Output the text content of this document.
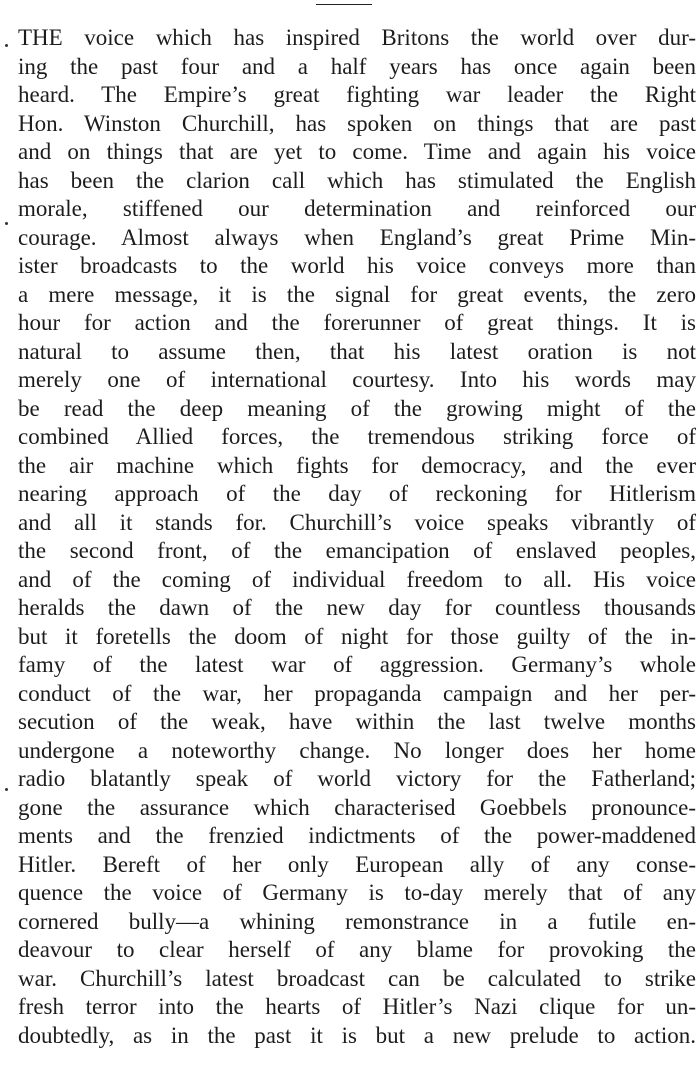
THE voice which has inspired Britons the world over dur-
ing the past four and a half years has once again been
heard. The Empire’s great fighting war leader the Right
Hon. Winston Churchill, has spoken on things that are past
and on things that are yet to come. Time and again his voice
has been the clarion call which has stimulated the English
morale, stiffened our determination and reinforced our
courage. Almost always when England’s great Prime Min-
ister broadcasts to the world his voice conveys more than
a mere message, it is the signal for great events, the zero
hour for action and the forerunner of great things. It is
natural to assume then, that his latest oration is not
merely one of international courtesy. Into his words may
be read the deep meaning of the growing might of the
combined Allied forces, the tremendous striking force of
the air machine which fights for democracy, and the ever
nearing approach of the day of reckoning for Hitlerism
and all it stands for. Churchill’s voice speaks vibrantly of
the second front, of the emancipation of enslaved peoples,
and of the coming of individual freedom to all. His voice
heralds the dawn of the new day for countless thousands
but it foretells the doom of night for those guilty of the in-
famy of the latest war of aggression. Germany’s whole
conduct of the war, her propaganda campaign and her per-
secution of the weak, have within the last twelve months
undergone a noteworthy change. No longer does her home
radio blatantly speak of world victory for the Fatherland;
gone the assurance which characterised Goebbels pronounce-
ments and the frenzied indictments of the power-maddened
Hitler. Bereft of her only European ally of any conse-
quence the voice of Germany is to-day merely that of any
cornered bully—a whining remonstrance in a futile en-
deavour to clear herself of any blame for provoking the
war. Churchill’s latest broadcast can be calculated to strike
fresh terror into the hearts of Hitler’s Nazi clique for un-
doubtedly, as in the past it is but a new prelude to action.
